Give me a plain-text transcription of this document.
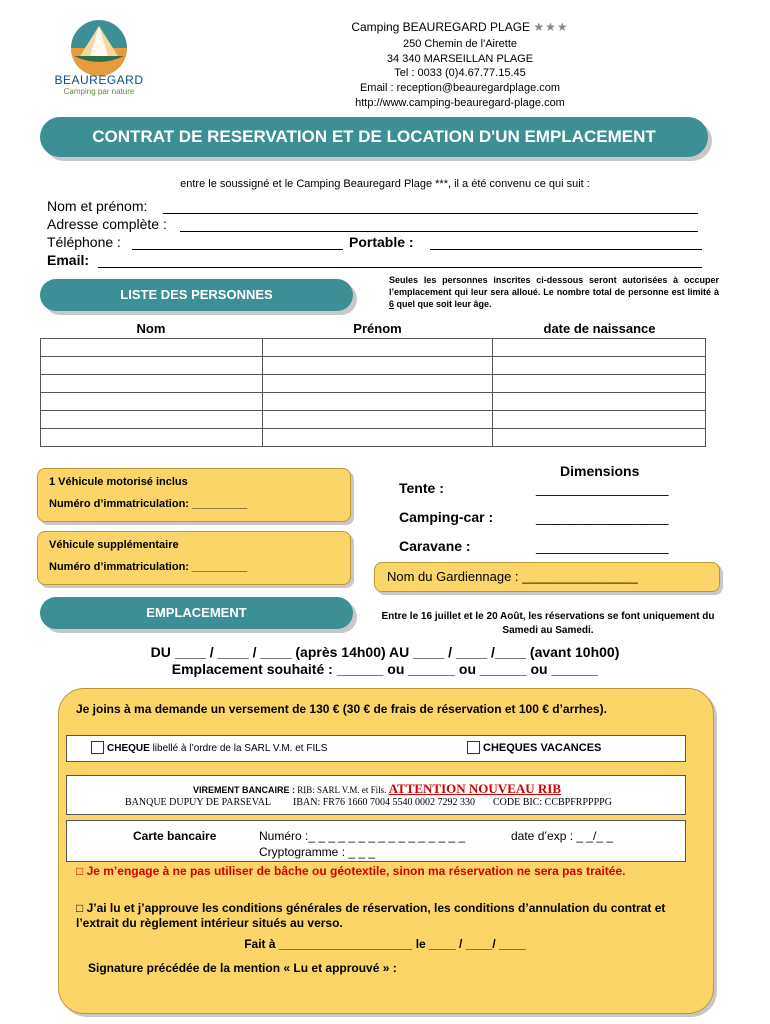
BEAUREGARD
Camping par nature
Camping BEAUREGARD PLAGE ★★★
250 Chemin de l'Airette
34 340 MARSEILLAN PLAGE
Tel : 0033 (0)4.67.77.15.45
Email : reception@beauregardplage.com
http://www.camping-beauregard-plage.com
CONTRAT DE RESERVATION ET DE LOCATION D'UN EMPLACEMENT
entre le soussigné et le Camping Beauregard Plage ***, il a été convenu ce qui suit :
Nom et prénom:
Adresse complète :
Téléphone :	Portable :
Email:
LISTE DES PERSONNES
Seules les personnes inscrites ci-dessous seront autorisées à occuper l’emplacement qui leur sera alloué. Le nombre total de personne est limité à 6 quel que soit leur âge.
Nom	Prénom	date de naissance

1 Véhicule motorisé inclus
Numéro d’immatriculation: _________
Véhicule supplémentaire
Numéro d’immatriculation: _________
Dimensions
Tente :	_________________
Camping-car :	_________________
Caravane :	_________________
Nom du Gardiennage : ________________
EMPLACEMENT	Entre le 16 juillet et le 20 Août, les réservations se font uniquement du Samedi au Samedi.
DU ____ / ____ / ____ (après 14h00) AU ____ / ____ /____ (avant 10h00)
Emplacement souhaité : ______ ou ______ ou ______ ou ______
Je joins à ma demande un versement de 130 € (30 € de frais de réservation et 100 € d’arrhes).
CHEQUE libellé à l’ordre de la SARL V.M. et FILS	CHEQUES VACANCES
VIREMENT BANCAIRE : RIB: SARL V.M. et Fils. ATTENTION NOUVEAU RIB
BANQUE DUPUY DE PARSEVAL IBAN: FR76 1660 7004 5540 0002 7292 330 CODE BIC: CCBPFRPPPPG
Carte bancaire	Numéro :_ _ _ _ _ _ _ _ _ _ _ _ _ _ _ _	date d’exp : _ _/_ _
Cryptogramme : _ _ _
□ Je m’engage à ne pas utiliser de bâche ou géotextile, sinon ma réservation ne sera pas traitée.
□ J’ai lu et j’approuve les conditions générales de réservation, les conditions d’annulation du contrat et l’extrait du règlement intérieur situés au verso.
Fait à ____________________ le ____ / ____/ ____
Signature précédée de la mention « Lu et approuvé » :
